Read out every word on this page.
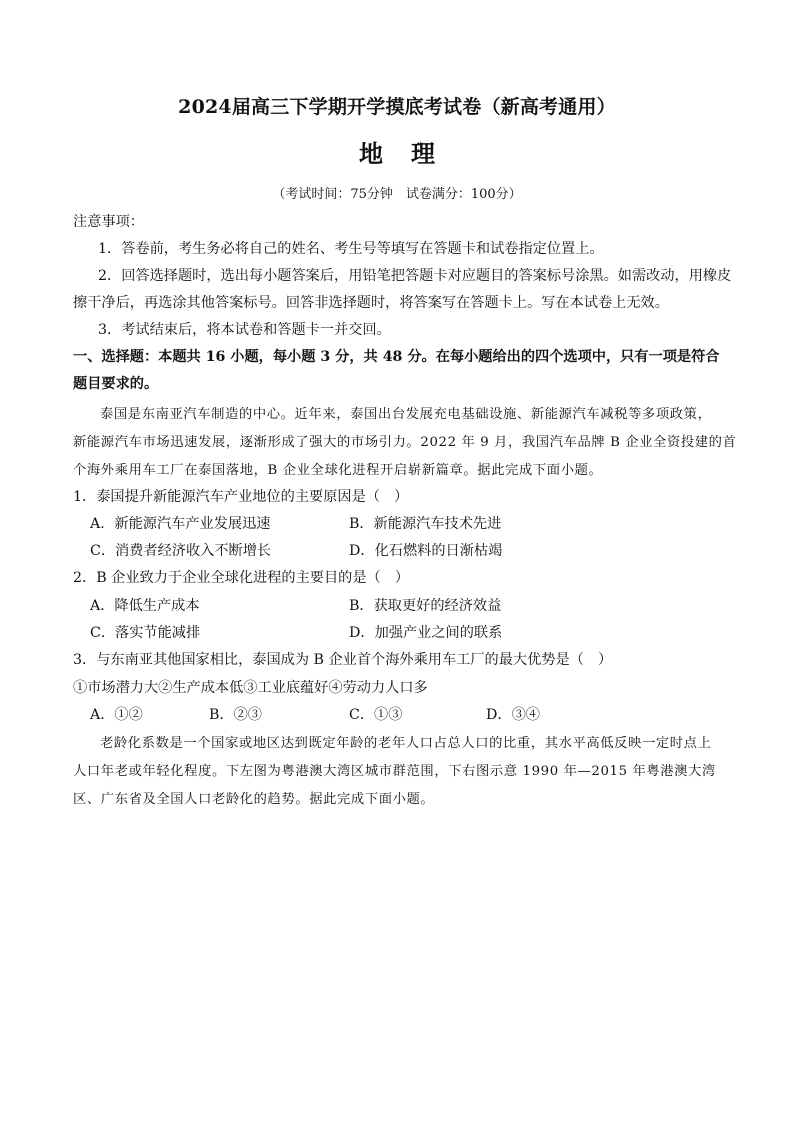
2024届高三下学期开学摸底考试卷（新高考通用）
地理
（考试时间：75分钟　试卷满分：100分）
注意事项：
1．答卷前，考生务必将自己的姓名、考生号等填写在答题卡和试卷指定位置上。
2．回答选择题时，选出每小题答案后，用铅笔把答题卡对应题目的答案标号涂黑。如需改动，用橡皮
擦干净后，再选涂其他答案标号。回答非选择题时，将答案写在答题卡上。写在本试卷上无效。
3．考试结束后，将本试卷和答题卡一并交回。
一、选择题：本题共 16 小题，每小题 3 分，共 48 分。在每小题给出的四个选项中，只有一项是符合
题目要求的。
泰国是东南亚汽车制造的中心。近年来，泰国出台发展充电基础设施、新能源汽车减税等多项政策，
新能源汽车市场迅速发展，逐渐形成了强大的市场引力。2022 年 9 月，我国汽车品牌 B 企业全资投建的首
个海外乘用车工厂在泰国落地，B 企业全球化进程开启崭新篇章。据此完成下面小题。
1．泰国提升新能源汽车产业地位的主要原因是（　）
A．新能源汽车产业发展迅速	B．新能源汽车技术先进
C．消费者经济收入不断增长	D．化石燃料的日渐枯竭
2．B 企业致力于企业全球化进程的主要目的是（　）
A．降低生产成本	B．获取更好的经济效益
C．落实节能减排	D．加强产业之间的联系
3．与东南亚其他国家相比，泰国成为 B 企业首个海外乘用车工厂的最大优势是（　）
①市场潜力大②生产成本低③工业底蕴好④劳动力人口多
A．①②	B．②③	C．①③	D．③④
老龄化系数是一个国家或地区达到既定年龄的老年人口占总人口的比重，其水平高低反映一定时点上
人口年老或年轻化程度。下左图为粤港澳大湾区城市群范围，下右图示意 1990 年—2015 年粤港澳大湾
区、广东省及全国人口老龄化的趋势。据此完成下面小题。
